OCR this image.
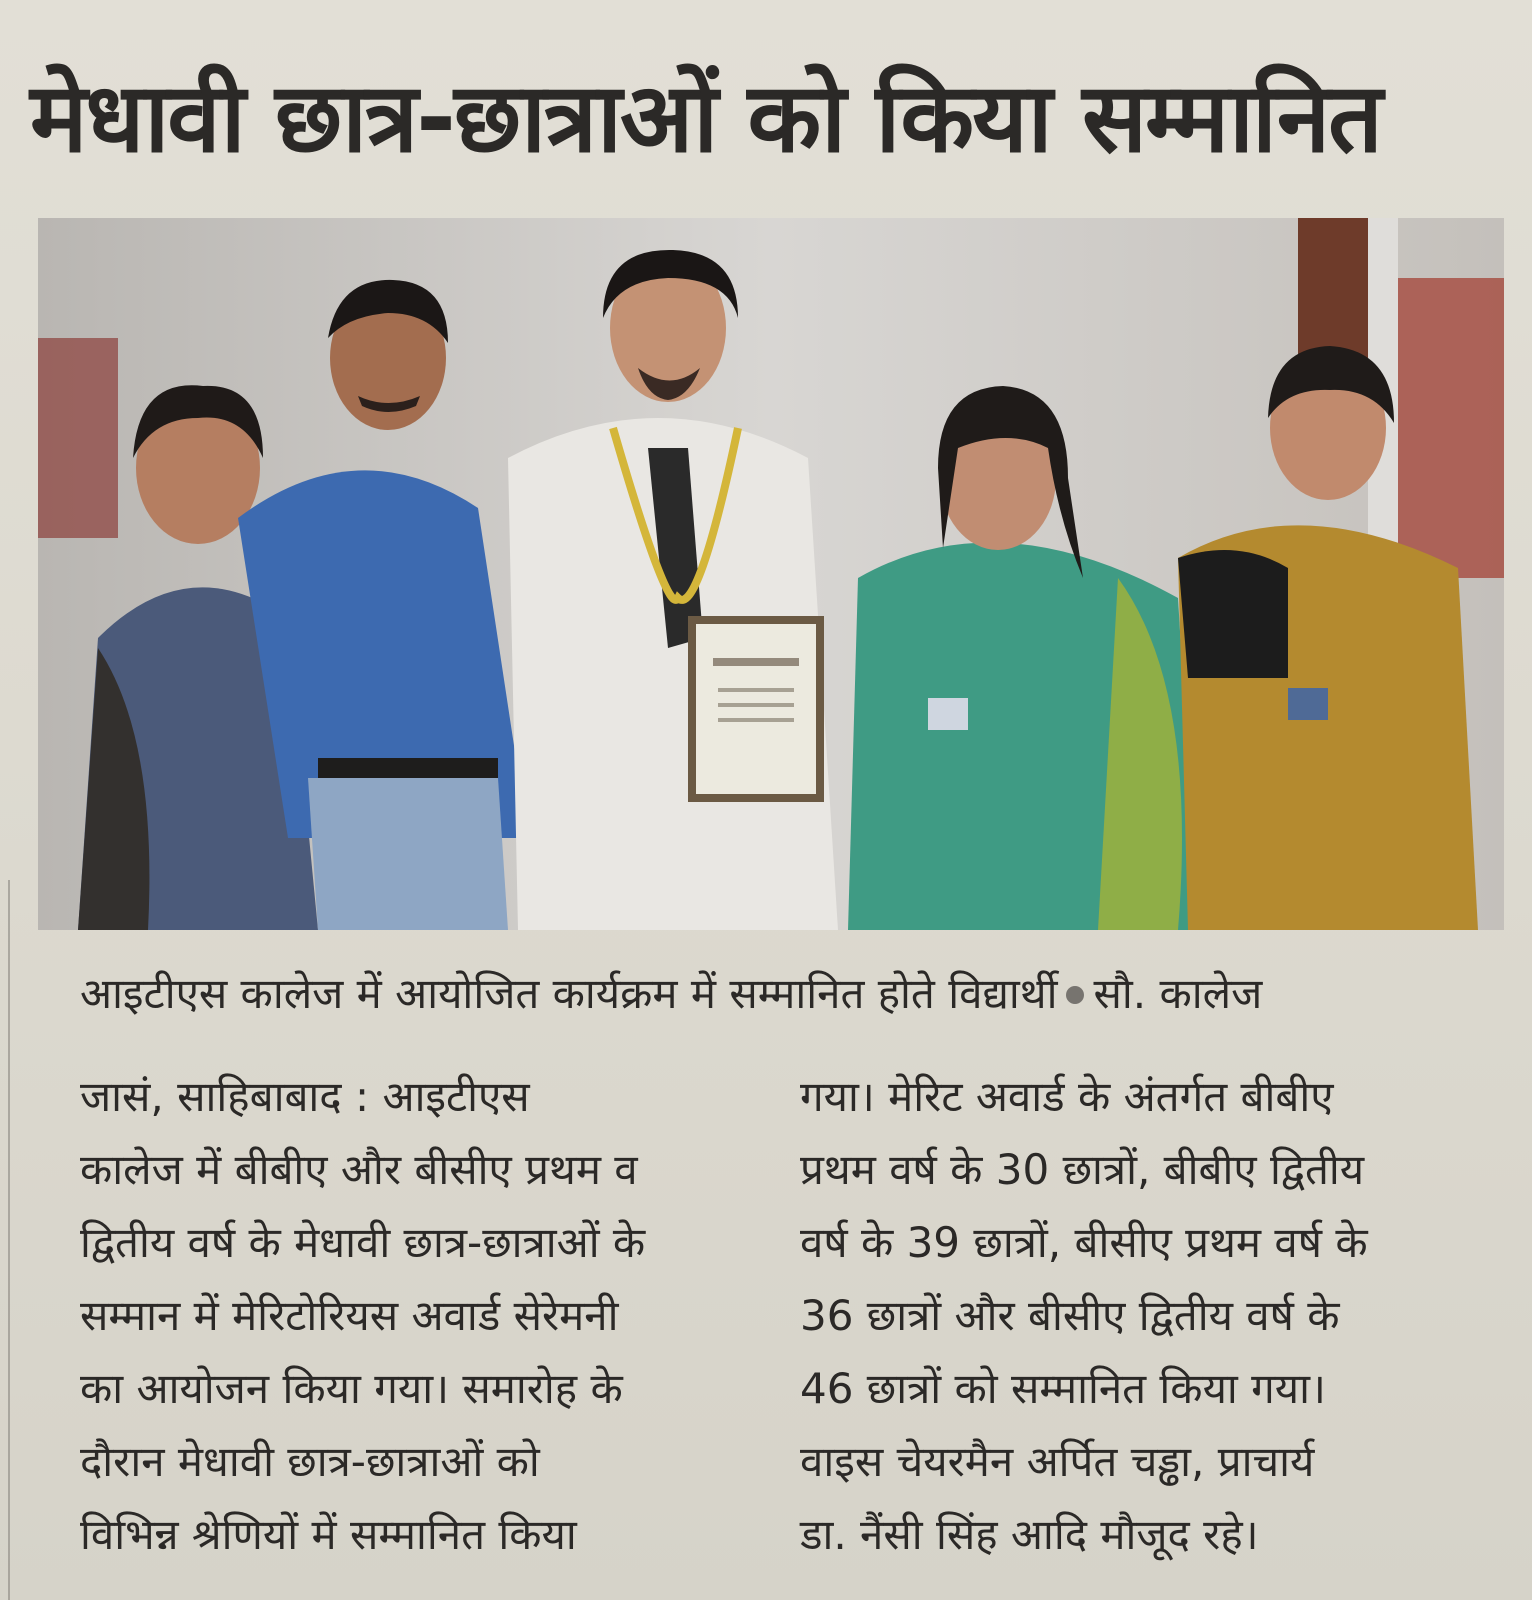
मेधावी छात्र-छात्राओं को किया सम्मानित
आइटीएस कालेज में आयोजित कार्यक्रम में सम्मानित होते विद्यार्थी सौ. कालेज

जासं, साहिबाबाद : आइटीएस

कालेज में बीबीए और बीसीए प्रथम व

द्वितीय वर्ष के मेधावी छात्र-छात्राओं के

सम्मान में मेरिटोरियस अवार्ड सेरेमनी

का आयोजन किया गया। समारोह के

दौरान मेधावी छात्र-छात्राओं को

विभिन्न श्रेणियों में सम्मानित किया

गया। मेरिट अवार्ड के अंतर्गत बीबीए

प्रथम वर्ष के 30 छात्रों, बीबीए द्वितीय

वर्ष के 39 छात्रों, बीसीए प्रथम वर्ष के

36 छात्रों और बीसीए द्वितीय वर्ष के

46 छात्रों को सम्मानित किया गया।

वाइस चेयरमैन अर्पित चड्ढा, प्राचार्य

डा. नैंसी सिंह आदि मौजूद रहे।
